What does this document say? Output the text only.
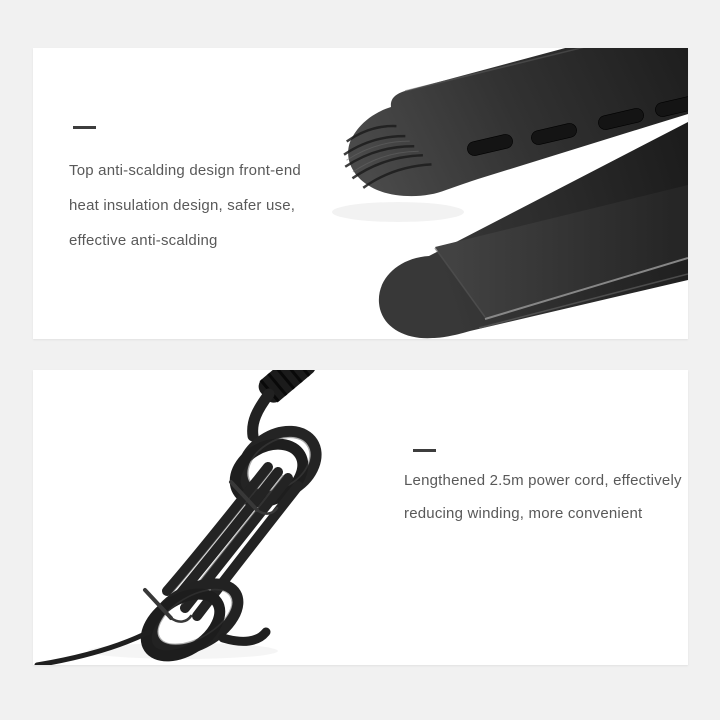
Top anti-scalding design front-end
heat insulation design, safer use,
effective anti-scalding
Lengthened 2.5m power cord, effectively
reducing winding, more convenient
